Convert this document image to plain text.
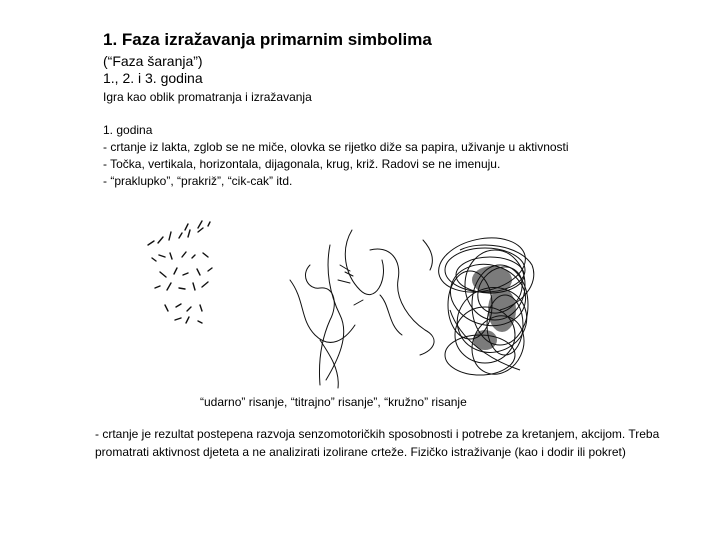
1. Faza izražavanja primarnim simbolima
(“Faza šaranja”)
1., 2. i 3. godina
Igra kao oblik promatranja i izražavanja
1. godina
- crtanje iz lakta, zglob se ne miče, olovka se rijetko diže sa papira, uživanje u aktivnosti
- Točka, vertikala, horizontala, dijagonala, krug, križ. Radovi se ne imenuju.
- “praklupko”, “prakriž”, “cik-cak” itd.
“udarno” risanje, “titrajno” risanje”, “kružno” risanje
- crtanje je rezultat postepena razvoja senzomotoričkih sposobnosti i potrebe za kretanjem, akcijom. Treba promatrati aktivnost djeteta a ne analizirati izolirane crteže. Fizičko istraživanje (kao i dodir ili pokret)
